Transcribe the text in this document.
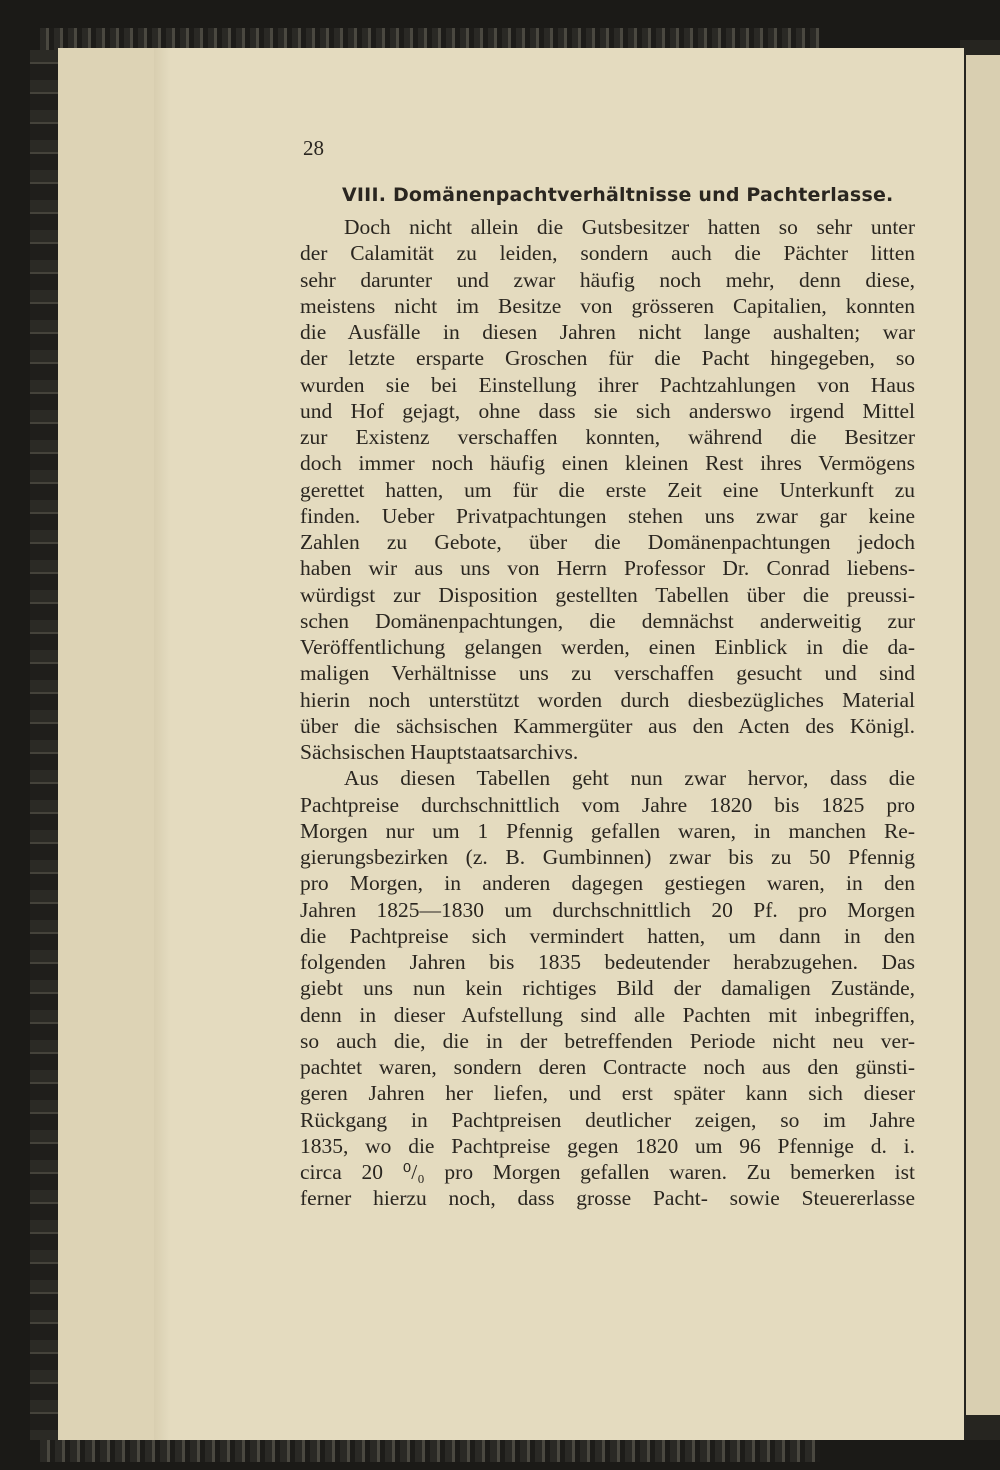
28
VIII. Domänenpachtverhältnisse und Pachterlasse.
Doch nicht allein die Gutsbesitzer hatten so sehr unter
der Calamität zu leiden, sondern auch die Pächter litten
sehr darunter und zwar häufig noch mehr, denn diese,
meistens nicht im Besitze von grösseren Capitalien, konnten
die Ausfälle in diesen Jahren nicht lange aushalten; war
der letzte ersparte Groschen für die Pacht hingegeben, so
wurden sie bei Einstellung ihrer Pachtzahlungen von Haus
und Hof gejagt, ohne dass sie sich anderswo irgend Mittel
zur Existenz verschaffen konnten, während die Besitzer
doch immer noch häufig einen kleinen Rest ihres Vermögens
gerettet hatten, um für die erste Zeit eine Unterkunft zu
finden. Ueber Privatpachtungen stehen uns zwar gar keine
Zahlen zu Gebote, über die Domänenpachtungen jedoch
haben wir aus uns von Herrn Professor Dr. Conrad liebens-
würdigst zur Disposition gestellten Tabellen über die preussi-
schen Domänenpachtungen, die demnächst anderweitig zur
Veröffentlichung gelangen werden, einen Einblick in die da-
maligen Verhältnisse uns zu verschaffen gesucht und sind
hierin noch unterstützt worden durch diesbezügliches Material
über die sächsischen Kammergüter aus den Acten des Königl.
Sächsischen Hauptstaatsarchivs.
Aus diesen Tabellen geht nun zwar hervor, dass die
Pachtpreise durchschnittlich vom Jahre 1820 bis 1825 pro
Morgen nur um 1 Pfennig gefallen waren, in manchen Re-
gierungsbezirken (z. B. Gumbinnen) zwar bis zu 50 Pfennig
pro Morgen, in anderen dagegen gestiegen waren, in den
Jahren 1825—1830 um durchschnittlich 20 Pf. pro Morgen
die Pachtpreise sich vermindert hatten, um dann in den
folgenden Jahren bis 1835 bedeutender herabzugehen. Das
giebt uns nun kein richtiges Bild der damaligen Zustände,
denn in dieser Aufstellung sind alle Pachten mit inbegriffen,
so auch die, die in der betreffenden Periode nicht neu ver-
pachtet waren, sondern deren Contracte noch aus den günsti-
geren Jahren her liefen, und erst später kann sich dieser
Rückgang in Pachtpreisen deutlicher zeigen, so im Jahre
1835, wo die Pachtpreise gegen 1820 um 96 Pfennige d. i.
circa 20 ⁰/₀ pro Morgen gefallen waren. Zu bemerken ist
ferner hierzu noch, dass grosse Pacht- sowie Steuererlasse
